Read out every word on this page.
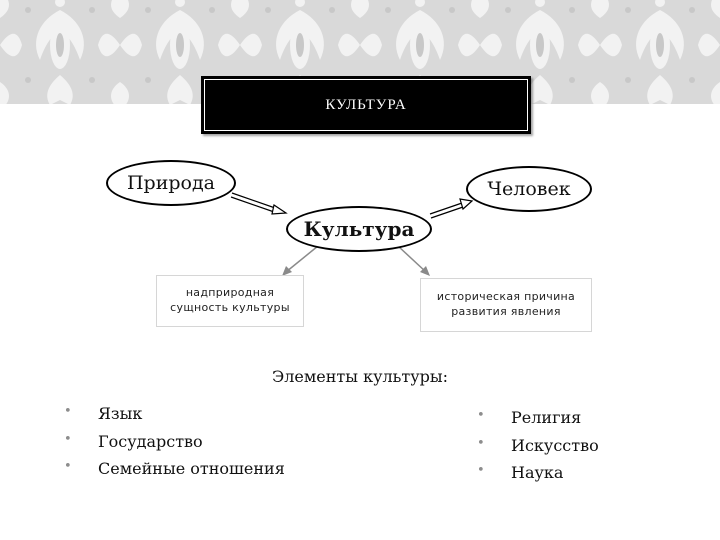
КУЛЬТУРА
Природа	Человек
Культура
надприродная
сущность культуры
историческая причина
развития явления
Элементы культуры:
• Язык
• Государство
• Семейные отношения
• Религия
• Искусство
• Наука
